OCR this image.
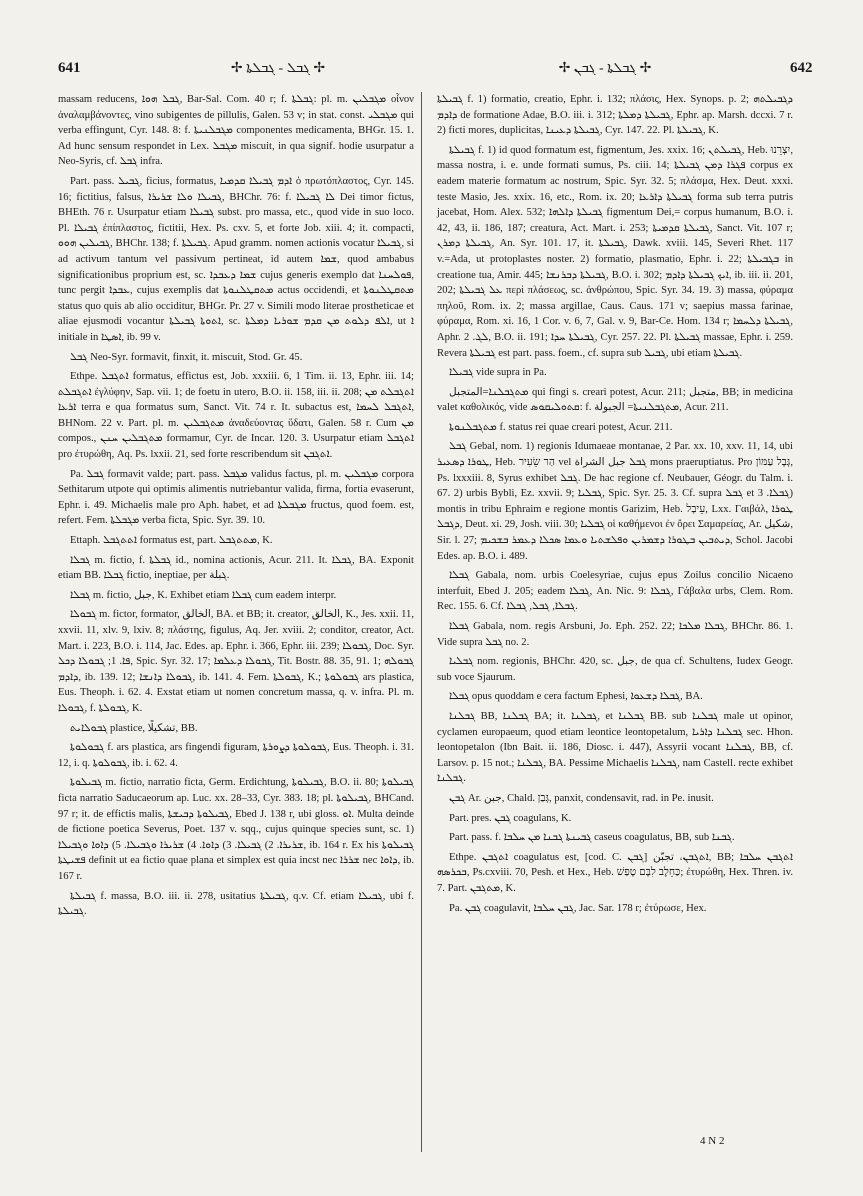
641	✢ ܓܒܠ - ܓܒܠܬܐ ✢	✢ ܓܒܠܬܐ - ܓܒܢ ✢	642

massam reducens, ܓܒܠ ܗܘܐ, Bar-Sal. Com. 40 r; f. ܓܒܠܬܐ: pl. m. ܡܓܒܠܝܢ οἶνον ἀναλαμβάνοντες, vino subigentes de pillulis, Galen. 53 v; in stat. const. ܡܓܒܠܝ qui verba effingunt, Cyr. 148. 8: f. ܡܓܒܠܢܝܬܐ componentes medicamenta, BHGr. 15. 1. Ad hunc sensum respondet in Lex. ܡܓܒܠ miscuit, in qua signif. hodie usurpatur a Neo-Syris, cf. ܓܒܠ infra.

Part. pass. ܓܒܝܠ, ficius, formatus, ܐܕܡ ܓܒܝܠܐ ܩܕܡܝܐ ὁ πρωτόπλαστος, Cyr. 145. 16; fictitius, falsus, ܓܒܝܠܐ ܘܠܐ ܫܪܝܪܐ, BHChr. 76: f. ܠܐ ܓܒܝܠܐ Dei timor fictus, BHEth. 76 r. Usurpatur etiam ܓܒܝܠܐ subst. pro massa, etc., quod vide in suo loco. Pl. ܓܒܝܠܐ ἐπίπλαστος, fictitii, Hex. Ps. cxv. 5, et forte Job. xiii. 4; it. compacti, ܓܒܝܠܝܢ ܗܘܘ, BHChr. 138; f. ܓܒܝܠܬܐ. Apud gramm. nomen actionis vocatur ܓܒܝܠܐ, si ad activum tantum vel passivum pertineat, id autem ܫܡܐ, quod ambabus significationibus proprium est, sc. ܫܡܐ ܕܥܒܕܐ cujus generis exemplo dat ܦܘܠܚܢܐ, tunc pergit ܥܒܕܐ, cujus exemplis dat ܡܬܩܛܠܢܘܬܐ actus occidendi, et ܡܬܩܛܠܢܘܬܐ status quo quis ab alio occiditur, BHGr. Pr. 27 v. Simili modo literae prostheticae et aliae ejusmodi vocantur ܐܬܘܬܐ ܓܒܝܠܬܐ, sc. ܐܠܦ ܕܠܘܬ ܡܢ ܩܕܡ ܫܘܪܝܐ ܕܡܠܬܐ, ut ܐ initiale in ܐܣܛܐ, ib. 99 v.

ܓܒܠ Neo-Syr. formavit, finxit, it. miscuit, Stod. Gr. 45.

Ethpe. ܐܬܓܒܠ formatus, effictus est, Job. xxxiii. 6, 1 Tim. ii. 13, Ephr. iii. 14; ܐܬܓܒܠܬ ἐγλύφην, Sap. vii. 1; de foetu in utero, B.O. ii. 158, iii. ii. 208; ܐܬܓܒܠܬ ܡܢ ܐܪܥܐ terra e qua formatus sum, Sanct. Vit. 74 r. It. subactus est, ܐܬܓܒܠ ܠܚܡܐ, BHNom. 22 v. Part. pl. m. ܡܬܓܒܠܝܢ ἀναδεύοντας ὕδατι, Galen. 58 r. Cum ܡܢ compos., ܡܬܓܒܠܝܢ ܚܢܢ formamur, Cyr. de Incar. 120. 3. Usurpatur etiam ܐܬܓܒܠ pro ἐτυρώθη, Aq. Ps. lxxii. 21, sed forte rescribendum sit ܐܬܓܒܢ.

Pa. ܓܒܠ formavit valde; part. pass. ܡܓܒܠ validus factus, pl. m. ܡܓܒܠܝܢ corpora Sethitarum utpote qui optimis alimentis nutriebantur valida, firma, fortia evaserunt, Ephr. i. 49. Michaelis male pro Aph. habet, et ad ܡܓܒܠܬܐ fructus, quod foem. est, refert. Fem. ܡܓܒܠܬܐ verba ficta, Spic. Syr. 39. 10.

Ettaph. ܐܬܬܓܒܠ formatus est, part. ܡܬܬܓܒܠ, K.

ܓܒܠܐ m. fictio, f. ܓܒܠܬܐ id., nomina actionis, Acur. 211. It. ܓܒܠܐ, BA. Exponit etiam BB. ܓܒܠܐ fictio, ineptiae, per ܓبلة.

ܓܒܠܐ m. fictio, جبل, K. Exhibet etiam ܓܒܠܐ cum eadem interpr.

ܓܒܘܠܐ m. fictor, formator, الخالق, BA. et BB; it. creator, الخالق, K., Jes. xxii. 11, xxvii. 11, xlv. 9, lxiv. 8; πλάστης, figulus, Aq. Jer. xviii. 2; conditor, creator, Act. Mart. i. 223, B.O. i. 114, Jac. Edes. ap. Ephr. i. 366, Ephr. iii. 239; ܓܒܘܠܐ, Doc. Syr. ܦܐ. 1; ܓܒܘܠܐ ܕܟܠ, Spic. Syr. 32. 17; ܓܒܘܠܐ ܕܥܠܡܐ, Tit. Bostr. 88. 35, 91. 1; ܓܒܘܠܗ ܕܐܕܡ, ib. 139. 12; ܓܒܘܠܐ ܕܐܢܫܐ, ib. 141. 4. Fem. ܓܒܘܠܬܐ, K.; ܓܒܘܠܘܬܐ ars plastica, Eus. Theoph. i. 62. 4. Exstat etiam ut nomen concretum massa, q. v. infra. Pl. m. ܓܒܘܠܐ, f. ܓܒܘܠܬܐ, K.

ܓܒܘܠܐܝܬ plastice, تشكيلًا, BB.

ܓܒܘܠܘܬܐ f. ars plastica, ars fingendi figuram, ܓܒܘܠܘܬܐ ܕܨܘܪܬܐ, Eus. Theoph. i. 31. 12, i. q. ܓܒܘܠܘܬܐ, ib. i. 62. 4.

ܓܒܝܠܘܬܐ m. fictio, narratio ficta, Germ. Erdichtung, ܓܒܝܠܘܬܐ, B.O. ii. 80; ܓܒܝܠܘܬܐ ficta narratio Saducaeorum ap. Luc. xx. 28–33, Cyr. 383. 18; pl. ܓܒܝܠܘܬܐ, BHCand. 97 r; it. de effictis malis, ܓܒܝܠܘܬܐ ܕܒܝܫܬܐ, Ebed J. 138 r, ubi gloss. ܐܘ. Multa deinde de fictione poetica Severus, Poet. 137 v. sqq., cujus quinque species sunt, sc. 1) ܫܪܝܪܐ. 2) ܓܒܝܠܐ. 3) ܕܐܘܐ. 4) ܫܪܝܪܐ ܘܓܒܝܠܐ. 5) ܕܐܘܐ ܘܓܒܝܠܐ, ib. 164 r. Ex his ܓܒܝܠܘܬܐ ܦܫܝܛܬܐ definit ut ea fictio quae plana et simplex est quia incst nec ܫܪܪܐ nec ܕܐܘܐ, ib. 167 r.

ܓܒܝܠܬܐ f. massa, B.O. iii. ii. 278, usitatius ܓܒܝܠܬܐ, q.v. Cf. etiam ܓܒܝܠܐ, ubi f. ܓܒܝܠܬܐ.

ܓܒܝܠܬܐ f. 1) formatio, creatio, Ephr. i. 132; πλάσις, Hex. Synops. p. 2; ܕܓܒܝܠܬܗ ܕܐܕܡ de formatione Adae, B.O. iii. i. 312; ܓܒܝܠܬܐ ܕܡܠܬܐ, Ephr. ap. Marsh. dccxi. 7 r. 2) ficti mores, duplicitas, ܓܒܝܠܬܐ ܕܥܝܢܐ, Cyr. 147. 22. Pl. ܓܒܝܠܬܐ, K.

ܓܒܝܠܬܐ f. 1) id quod formatum est, figmentum, Jes. xxix. 16; ܓܒܝܠܬܢ, Heb. יִצְרֵנוּ, massa nostra, i. e. unde formati sumus, Ps. ciii. 14; ܦܓܪܐ ܕܡܢ ܓܒܝܠܬܐ corpus ex eadem materie formatum ac nostrum, Spic. Syr. 32. 5; πλάσμα, Hex. Deut. xxxi. teste Masio, Jes. xxix. 16, etc., Rom. ix. 20; ܓܒܝܠܬܐ ܕܐܪܥܐ forma sub terra putris jacebat, Hom. Alex. 532; ܓܒܝܠܬܐ ܕܐܠܗܐ figmentum Dei,= corpus humanum, B.O. i. 42, 43, ii. 186, 187; creatura, Act. Mart. i. 253; ܓܒܝܠܬܐ ܩܕܡܝܬܐ, Sanct. Vit. 107 r; ܓܒܝܠܬܐ ܕܡܪܢ, An. Syr. 101. 17, it. ܓܒܝܠܬܐ, Dawk. xviii. 145, Severi Rhet. 117 v.=Ada, ut protoplastes noster. 2) formatio, plasmatio, Ephr. i. 22; ܒܓܒܝܠܬܐ in creatione tua, Amir. 445; ܓܒܝܠܬܐ ܕܒܪܢܫܐ, B.O. i. 302; ܐܝܟ ܓܒܝܠܬܐ ܕܐܕܡ, ib. iii. ii. 201, 202; ܥܠ ܓܒܝܠܬܐ περὶ πλάσεως, sc. ἀνθρώπου, Spic. Syr. 34. 19. 3) massa, φύραμα πηλοῦ, Rom. ix. 2; massa argillae, Caus. Caus. 171 v; saepius massa farinae, φύραμα, Rom. xi. 16, 1 Cor. v. 6, 7, Gal. v. 9, Bar-Ce. Hom. 134 r; ܓܒܝܠܬܐ ܕܠܚܡܐ, Aphr. ܠܓ. 2, B.O. ii. 191; ܓܒܝܠܬܐ ܚܕܐ, Cyr. 257. 22. Pl. ܓܒܝܠܬܐ massae, Ephr. i. 259. Revera ܓܒܝܠܬܐ est part. pass. foem., cf. supra sub ܓܒܝܠ, ubi etiam ܓܒܝܠܬܐ.

ܓܒܝܠܐ vide supra in Pa.

ܡܬܓܒܠܢܐ=المتجبل qui fingi s. creari potest, Acur. 211; متجبل, BB; in medicina valet καθολικός, vide ܩܬܘܠܝܩܘܣ: f. ܡܬܓܒܠܢܝܬܐ= الجبولة, Acur. 211.

ܡܬܓܒܠܢܘܬܐ f. status rei quae creari potest, Acur. 211.

ܓܒܠ Gebal, nom. 1) regionis Idumaeae montanae, 2 Par. xx. 10, xxv. 11, 14, ubi ܛܘܪܐ ܕܣܥܝܪ, Heb. הַר שֵׂעִיר vel ܓܒܠ جبل الشراة mons praeruptiatus. Pro גְּבָל עַמּוֹן, Ps. lxxxiii. 8, Syrus exhibet ܓܒܠ. De hac regione cf. Neubauer, Géogr. du Talm. i. 67. 2) urbis Bybli, Ez. xxvii. 9; ܓܒܠܝܐ, Spic. Syr. 25. 3. Cf. supra ܓܒܠ et ܓܒܠܐ. 3) montis in tribu Ephraim e regione montis Garizim, Heb. עֵיבָל, Lxx. Γαιβάλ, ܛܘܪܐ ܕܓܒܠ, Deut. xi. 29, Josh. viii. 30; ܓܒܠܝܐ οἱ καθήμενοι ἐν ὄρει Σαμαρείας, Ar. شكيل, Sir. l. 27; ܕܝܬܒܝܢ ܒܛܘܪܐ ܕܫܡܪܝܢ ܘܦܠܫܬܝܐ ܘܥܡܐ ܣܟܠܐ ܕܥܡܪ ܒܫܟܝܡ, Schol. Jacobi Edes. ap. B.O. i. 489.

ܓܒܠܐ Gabala, nom. urbis Coelesyriae, cujus epus Zoilus concilio Nicaeno interfuit, Ebed J. 205; eadem ܓܒܠܐ, An. Nic. 9: ܓܒܠܐ, Γάβαλα urbs, Clem. Rom. Rec. 155. 6. Cf. ܓܒܠܐ, ܓܒܠ, ܓܒܠܐ.

ܓܒܠܐ Gabala, nom. regis Arsbuni, Jo. Eph. 252. 22; ܓܒܠܐ ܡܠܟܐ, BHChr. 86. 1. Vide supra ܓܒܠ no. 2.

ܓܒܠܝܐ nom. regionis, BHChr. 420, sc. جبل, de qua cf. Schultens, Iudex Geogr. sub voce Sjaurum.

ܓܒܠܐ opus quoddam e cera factum Ephesi, ܓܒܠܐ ܕܫܥܘܐ, BA.

ܓܒܠܢܐ BB, ܓܒܠܢܐ BA; it. ܓܒܠܢܐ, et ܓܒܠܢܐ BB. sub ܓܒܠܢܐ male ut opinor, cyclamen europaeum, quod etiam leontice leontopetalum, ܓܒܠܢܐ ܕܐܪܝܐ sec. Hhon. leontopetalon (Ibn Bait. ii. 186, Diosc. i. 447), Assyrii vocant ܓܒܠܢܐ, BB, cf. Larsov. p. 15 not.; ܓܒܠܢܐ, BA. Pessime Michaelis ܓܒܠܢܐ, nam Castell. recte exhibet ܓܒܠܢܐ.

ܓܒܢ Ar. جبن, Chald. גְּבַן, panxit, condensavit, rad. in Pe. inusit.

Part. pres. ܓܒܢ coagulans, K.

Part. pass. f. ܓܒܝܢܬܐ ܓܒܢܐ ܡܢ ܚܠܒܐ caseus coagulatus, BB, sub ܓܒܢܐ.

Ethpe. ܐܬܓܒܢ coagulatus est, [cod. C. ܓܒܢ] ܐܬܓܒܢ، تجبّن, BB; ܐܬܓܒܢ ܚܠܒܐ ܒܟܪܣܗ, Ps.cxviii. 70, Pesh. et Hex., Heb. כַּחֵלֶב לִבָּם טָפַשׁ; ἐτυρώθη, Hex. Thren. iv. 7. Part. ܡܬܓܒܢ, K.

Pa. ܓܒܢ coagulavit, ܓܒܢ ܚܠܒܐ, Jac. Sar. 178 r; ἐτύρωσε, Hex.

4 N 2
